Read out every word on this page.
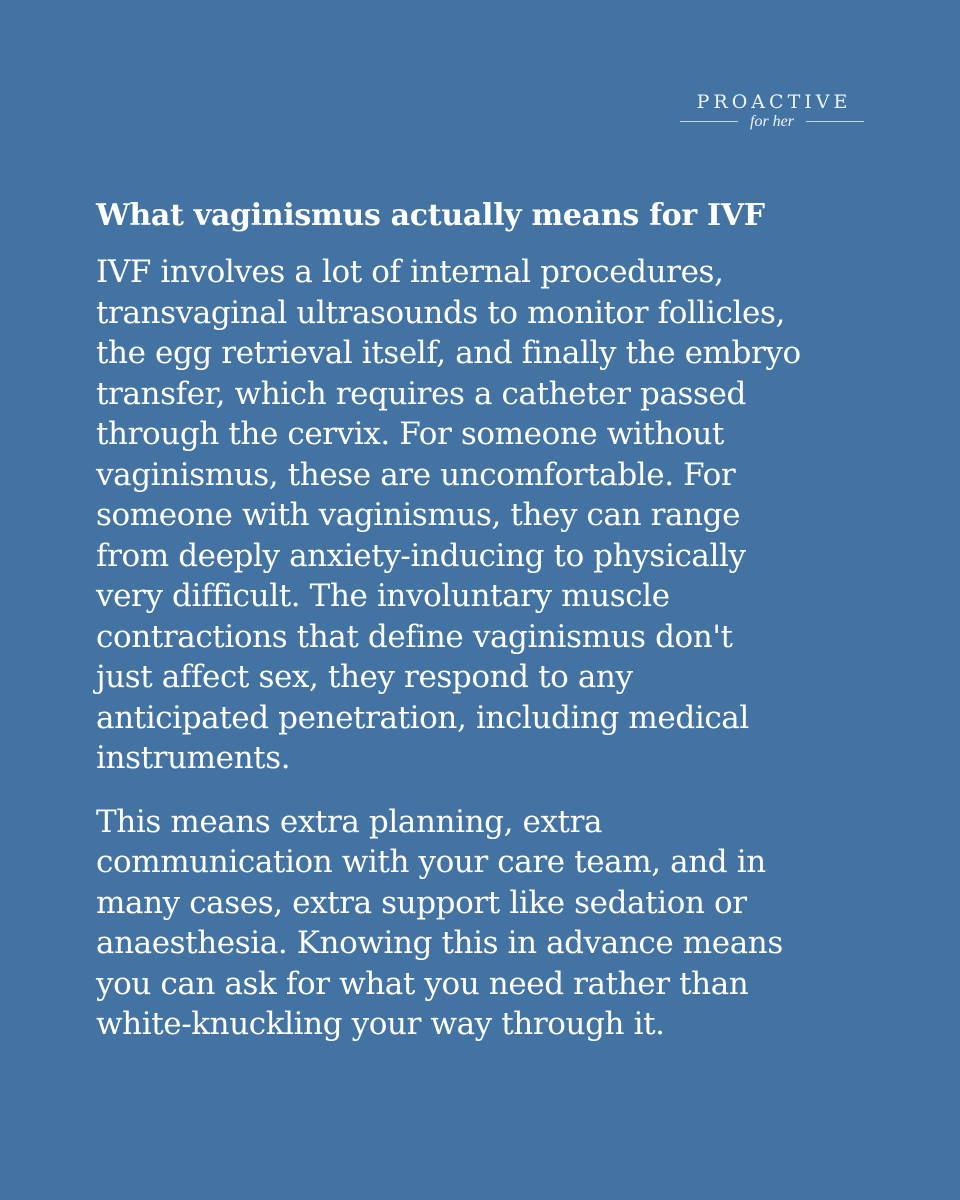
PROACTIVE
for her
What vaginismus actually means for IVF

IVF involves a lot of internal procedures,
transvaginal ultrasounds to monitor follicles,
the egg retrieval itself, and finally the embryo
transfer, which requires a catheter passed
through the cervix. For someone without
vaginismus, these are uncomfortable. For
someone with vaginismus, they can range
from deeply anxiety-inducing to physically
very difficult. The involuntary muscle
contractions that define vaginismus don't
just affect sex, they respond to any
anticipated penetration, including medical
instruments.

This means extra planning, extra
communication with your care team, and in
many cases, extra support like sedation or
anaesthesia. Knowing this in advance means
you can ask for what you need rather than
white-knuckling your way through it.
